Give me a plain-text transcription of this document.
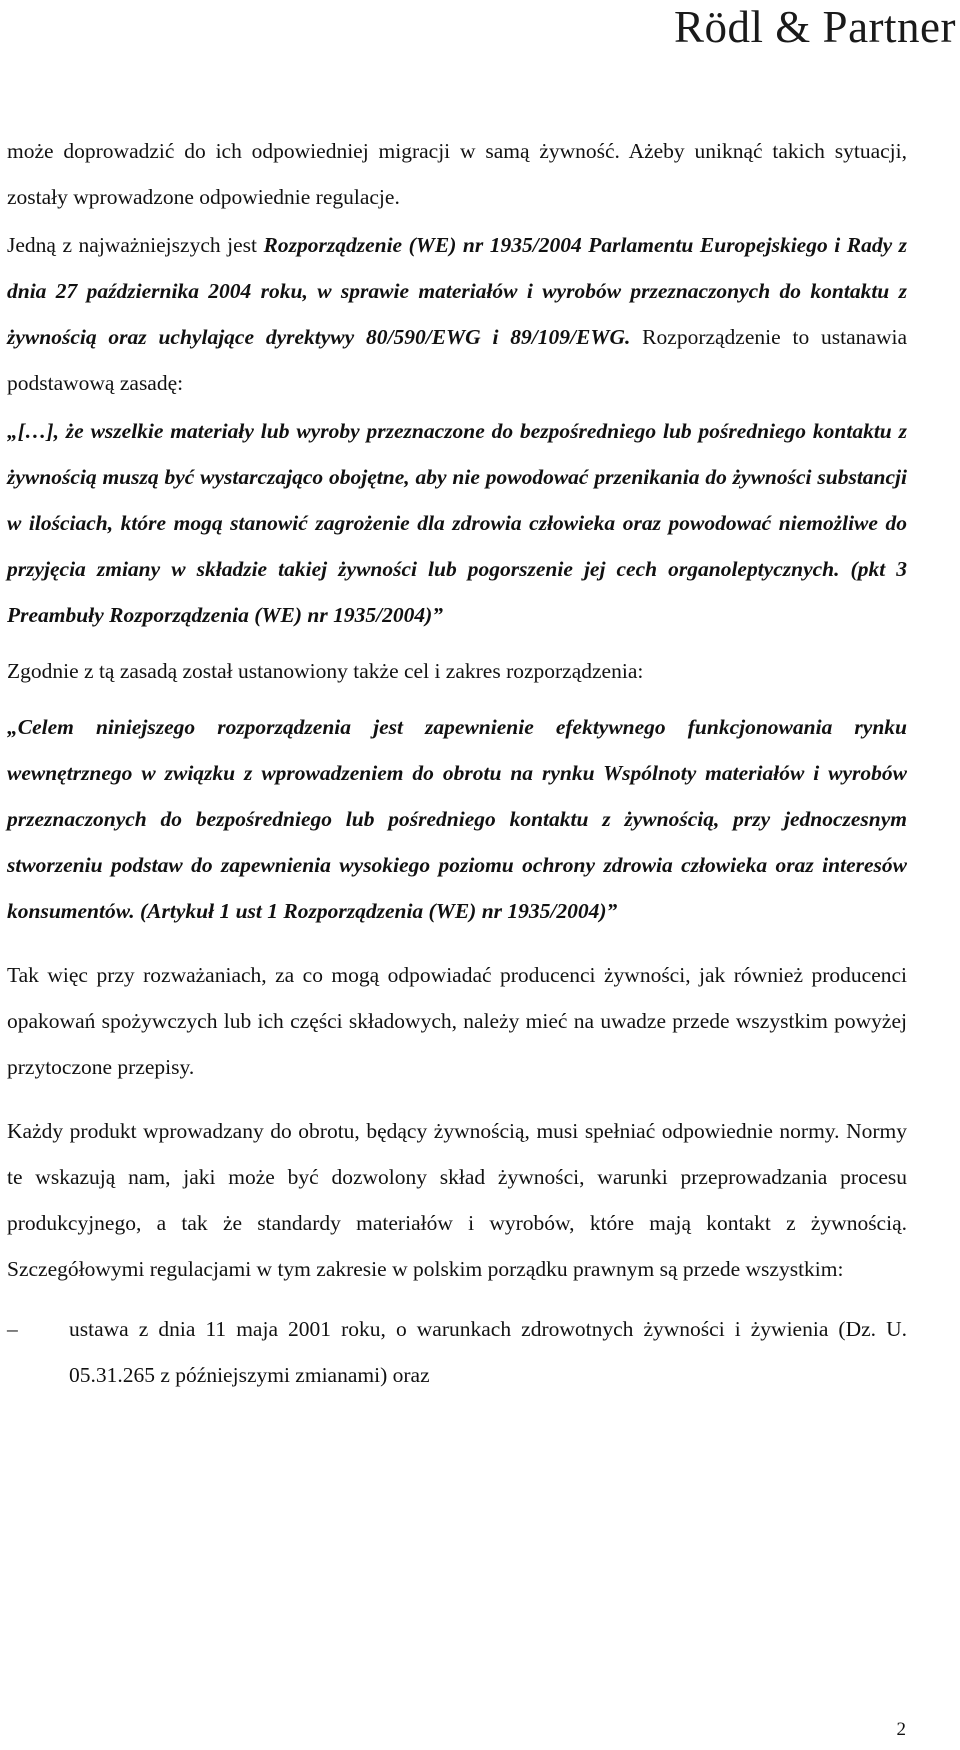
Rödl & Partner

może doprowadzić do ich odpowiedniej migracji w samą żywność. Ażeby uniknąć takich sytuacji, zostały wprowadzone odpowiednie regulacje.

Jedną z najważniejszych jest Rozporządzenie (WE) nr 1935/2004 Parlamentu Europejskiego i Rady z dnia 27 października 2004 roku, w sprawie materiałów i wyrobów przeznaczonych do kontaktu z żywnością oraz uchylające dyrektywy 80/590/EWG i 89/109/EWG. Rozporządzenie to ustanawia podstawową zasadę:

„[…], że wszelkie materiały lub wyroby przeznaczone do bezpośredniego lub pośredniego kontaktu z żywnością muszą być wystarczająco obojętne, aby nie powodować przenikania do żywności substancji w ilościach, które mogą stanowić zagrożenie dla zdrowia człowieka oraz powodować niemożliwe do przyjęcia zmiany w składzie takiej żywności lub pogorszenie jej cech organoleptycznych. (pkt 3 Preambuły Rozporządzenia (WE) nr 1935/2004)”

Zgodnie z tą zasadą został ustanowiony także cel i zakres rozporządzenia:

„Celem niniejszego rozporządzenia jest zapewnienie efektywnego funkcjonowania rynku wewnętrznego w związku z wprowadzeniem do obrotu na rynku Wspólnoty materiałów i wyrobów przeznaczonych do bezpośredniego lub pośredniego kontaktu z żywnością, przy jednoczesnym stworzeniu podstaw do zapewnienia wysokiego poziomu ochrony zdrowia człowieka oraz interesów konsumentów. (Artykuł 1 ust 1 Rozporządzenia (WE) nr 1935/2004)”

Tak więc przy rozważaniach, za co mogą odpowiadać producenci żywności, jak również producenci opakowań spożywczych lub ich części składowych, należy mieć na uwadze przede wszystkim powyżej przytoczone przepisy.

Każdy produkt wprowadzany do obrotu, będący żywnością, musi spełniać odpowiednie normy. Normy te wskazują nam, jaki może być dozwolony skład żywności, warunki przeprowadzania procesu produkcyjnego, a tak że standardy materiałów i wyrobów, które mają kontakt z żywnością. Szczegółowymi regulacjami w tym zakresie w polskim porządku prawnym są przede wszystkim:

– ustawa z dnia 11 maja 2001 roku, o warunkach zdrowotnych żywności i żywienia (Dz. U. 05.31.265 z późniejszymi zmianami) oraz

2
